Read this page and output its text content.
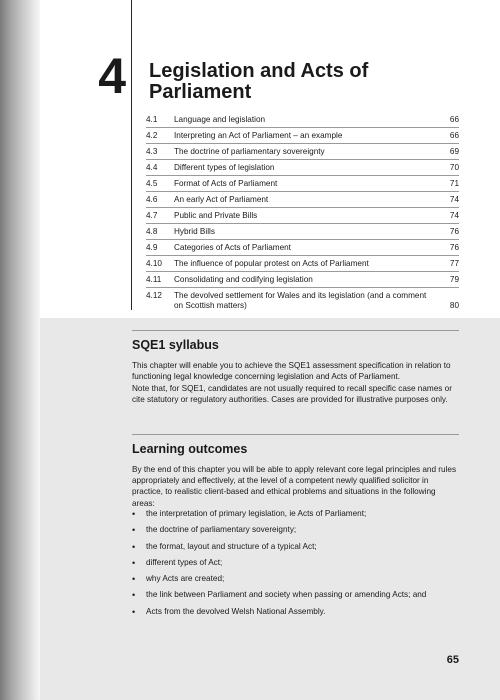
4 Legislation and Acts of Parliament
4.1	Language and legislation	66
4.2	Interpreting an Act of Parliament – an example	66
4.3	The doctrine of parliamentary sovereignty	69
4.4	Different types of legislation	70
4.5	Format of Acts of Parliament	71
4.6	An early Act of Parliament	74
4.7	Public and Private Bills	74
4.8	Hybrid Bills	76
4.9	Categories of Acts of Parliament	76
4.10	The influence of popular protest on Acts of Parliament	77
4.11	Consolidating and codifying legislation	79
4.12	The devolved settlement for Wales and its legislation (and a comment on Scottish matters)	80
SQE1 syllabus

This chapter will enable you to achieve the SQE1 assessment specification in relation to functioning legal knowledge concerning legislation and Acts of Parliament.

Note that, for SQE1, candidates are not usually required to recall specific case names or cite statutory or regulatory authorities. Cases are provided for illustrative purposes only.

Learning outcomes

By the end of this chapter you will be able to apply relevant core legal principles and rules appropriately and effectively, at the level of a competent newly qualified solicitor in practice, to realistic client-based and ethical problems and situations in the following areas:

• the interpretation of primary legislation, ie Acts of Parliament;
• the doctrine of parliamentary sovereignty;
• the format, layout and structure of a typical Act;
• different types of Act;
• why Acts are created;
• the link between Parliament and society when passing or amending Acts; and
• Acts from the devolved Welsh National Assembly.
65
